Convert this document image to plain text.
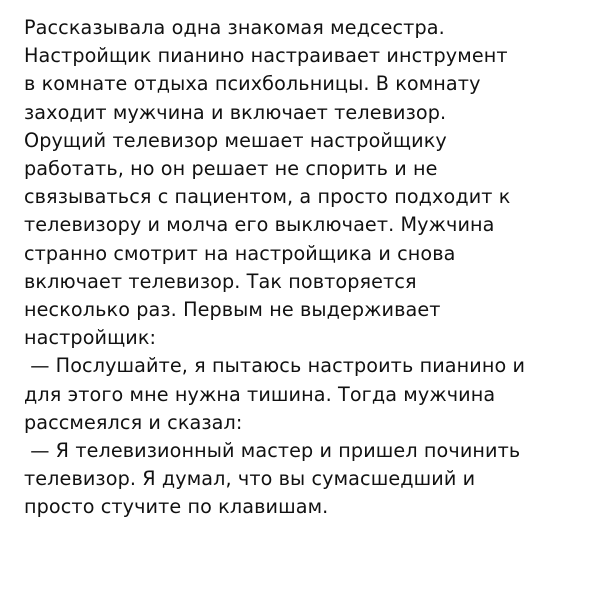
Рассказывала одна знакомая медсестра.
Настройщик пианино настраивает инструмент
в комнате отдыха психбольницы. В комнату
заходит мужчина и включает телевизор.
Орущий телевизор мешает настройщику
работать, но он решает не спорить и не
связываться с пациентом, а просто подходит к
телевизору и молча его выключает. Мужчина
странно смотрит на настройщика и снова
включает телевизор. Так повторяется
несколько раз. Первым не выдерживает
настройщик:
— Послушайте, я пытаюсь настроить пианино и
для этого мне нужна тишина. Тогда мужчина
рассмеялся и сказал:
— Я телевизионный мастер и пришел починить
телевизор. Я думал, что вы сумасшедший и
просто стучите по клавишам.
